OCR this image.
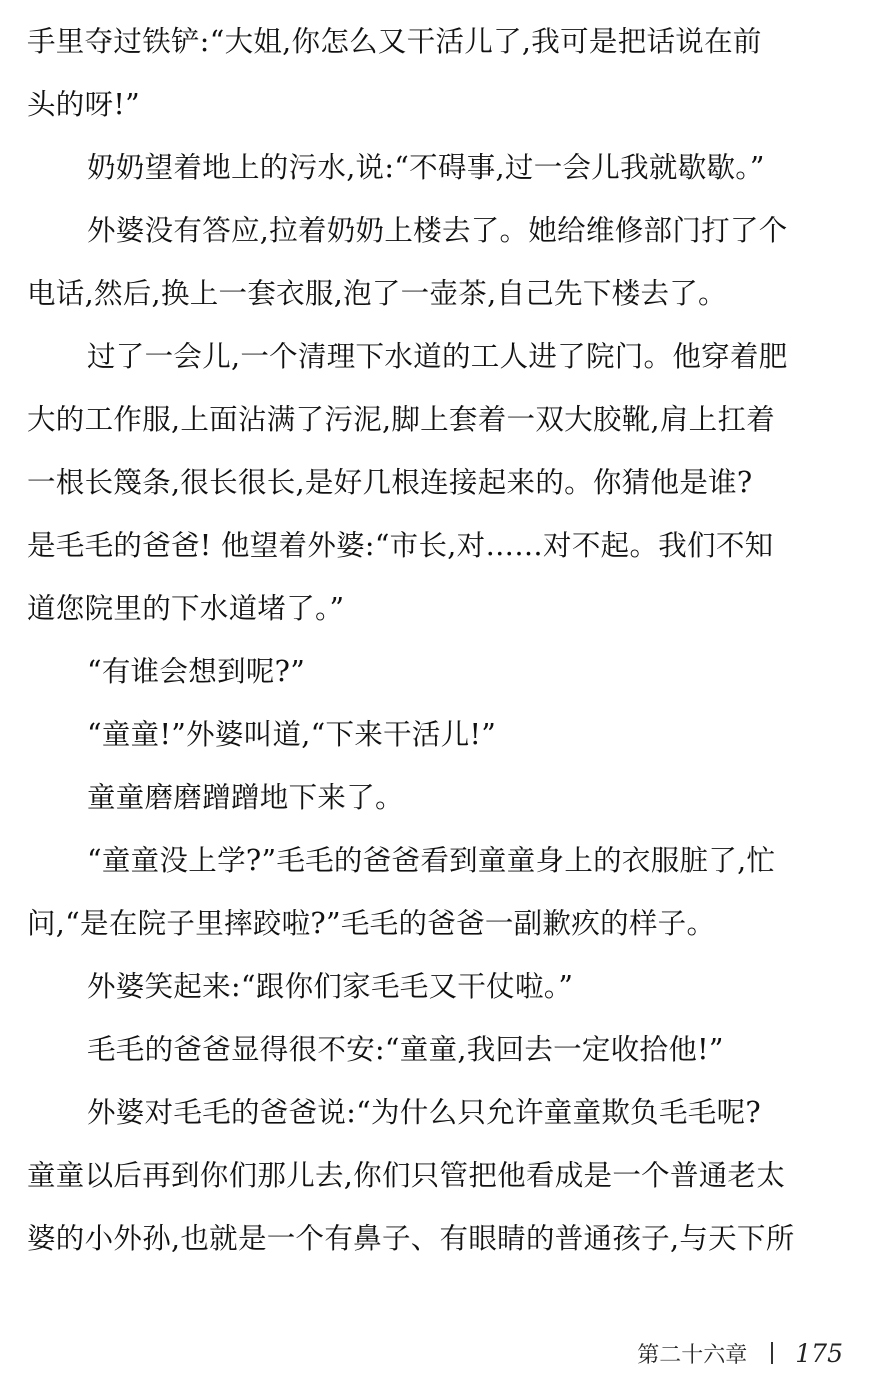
手里夺过铁铲:“大姐,你怎么又干活儿了,我可是把话说在前
头的呀!”
奶奶望着地上的污水,说:“不碍事,过一会儿我就歇歇。”
外婆没有答应,拉着奶奶上楼去了。她给维修部门打了个
电话,然后,换上一套衣服,泡了一壶茶,自己先下楼去了。
过了一会儿,一个清理下水道的工人进了院门。他穿着肥
大的工作服,上面沾满了污泥,脚上套着一双大胶靴,肩上扛着
一根长篾条,很长很长,是好几根连接起来的。你猜他是谁?
是毛毛的爸爸! 他望着外婆:“市长,对……对不起。我们不知
道您院里的下水道堵了。”
“有谁会想到呢?”
“童童!”外婆叫道,“下来干活儿!”
童童磨磨蹭蹭地下来了。
“童童没上学?”毛毛的爸爸看到童童身上的衣服脏了,忙
问,“是在院子里摔跤啦?”毛毛的爸爸一副歉疚的样子。
外婆笑起来:“跟你们家毛毛又干仗啦。”
毛毛的爸爸显得很不安:“童童,我回去一定收拾他!”
外婆对毛毛的爸爸说:“为什么只允许童童欺负毛毛呢?
童童以后再到你们那儿去,你们只管把他看成是一个普通老太
婆的小外孙,也就是一个有鼻子、有眼睛的普通孩子,与天下所
第二十六章 175
